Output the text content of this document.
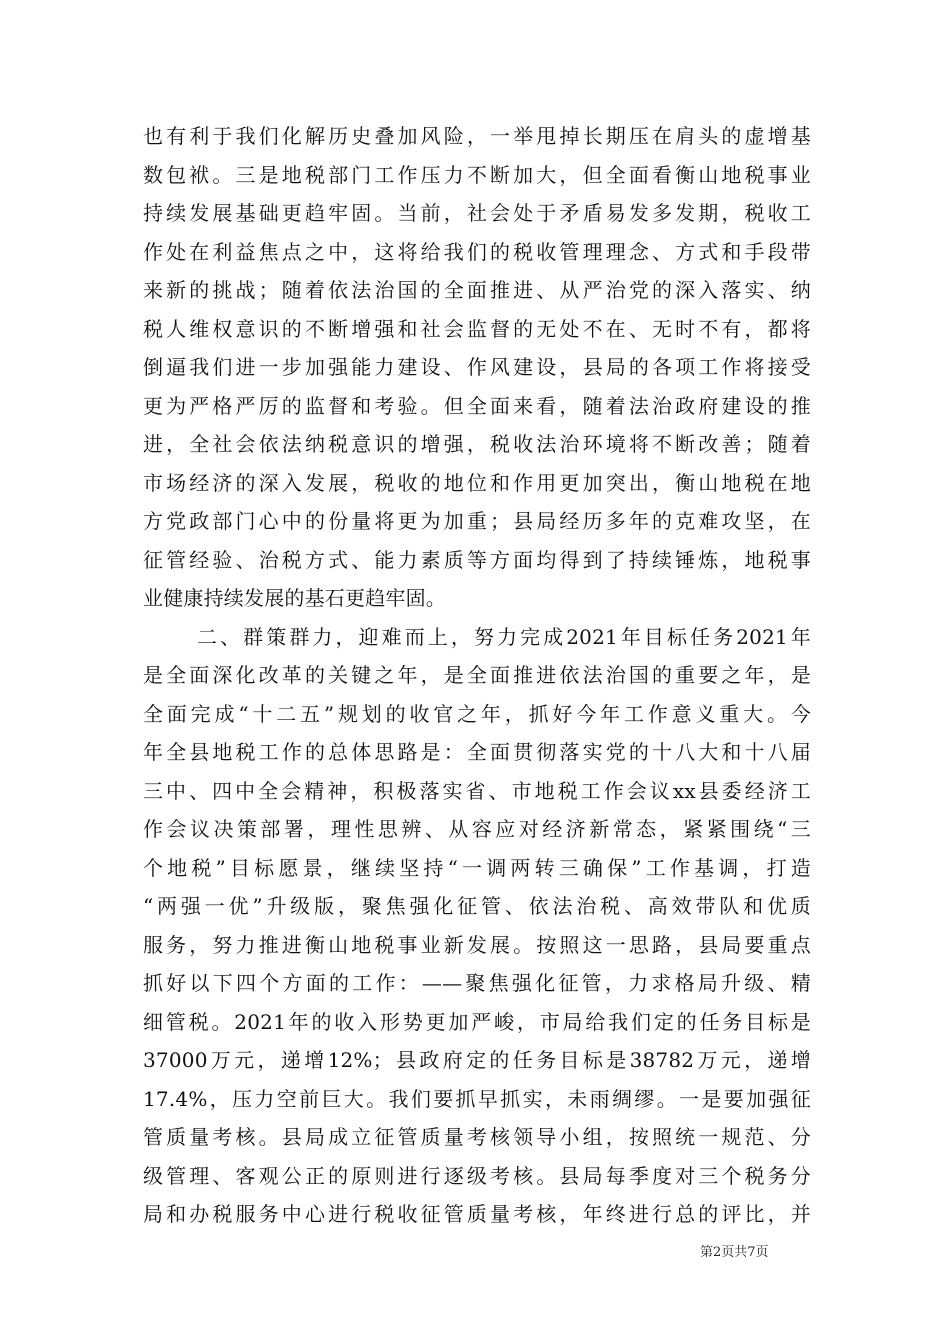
也有利于我们化解历史叠加风险，一举甩掉长期压在肩头的虚增基
数包袱。三是地税部门工作压力不断加大，但全面看衡山地税事业
持续发展基础更趋牢固。当前，社会处于矛盾易发多发期，税收工
作处在利益焦点之中，这将给我们的税收管理理念、方式和手段带
来新的挑战；随着依法治国的全面推进、从严治党的深入落实、纳
税人维权意识的不断增强和社会监督的无处不在、无时不有，都将
倒逼我们进一步加强能力建设、作风建设，县局的各项工作将接受
更为严格严厉的监督和考验。但全面来看，随着法治政府建设的推
进，全社会依法纳税意识的增强，税收法治环境将不断改善；随着
市场经济的深入发展，税收的地位和作用更加突出，衡山地税在地
方党政部门心中的份量将更为加重；县局经历多年的克难攻坚，在
征管经验、治税方式、能力素质等方面均得到了持续锤炼，地税事
业健康持续发展的基石更趋牢固。
二、群策群力，迎难而上，努力完成2021年目标任务2021年
是全面深化改革的关键之年，是全面推进依法治国的重要之年，是
全面完成“十二五”规划的收官之年，抓好今年工作意义重大。今
年全县地税工作的总体思路是：全面贯彻落实党的十八大和十八届
三中、四中全会精神，积极落实省、市地税工作会议xx县委经济工
作会议决策部署，理性思辨、从容应对经济新常态，紧紧围绕“三
个地税”目标愿景，继续坚持“一调两转三确保”工作基调，打造
“两强一优”升级版，聚焦强化征管、依法治税、高效带队和优质
服务，努力推进衡山地税事业新发展。按照这一思路，县局要重点
抓好以下四个方面的工作：——聚焦强化征管，力求格局升级、精
细管税。2021年的收入形势更加严峻，市局给我们定的任务目标是
37000万元，递增12%；县政府定的任务目标是38782万元，递增
17.4%，压力空前巨大。我们要抓早抓实，未雨绸缪。一是要加强征
管质量考核。县局成立征管质量考核领导小组，按照统一规范、分
级管理、客观公正的原则进行逐级考核。县局每季度对三个税务分
局和办税服务中心进行税收征管质量考核，年终进行总的评比，并
第2页共7页
